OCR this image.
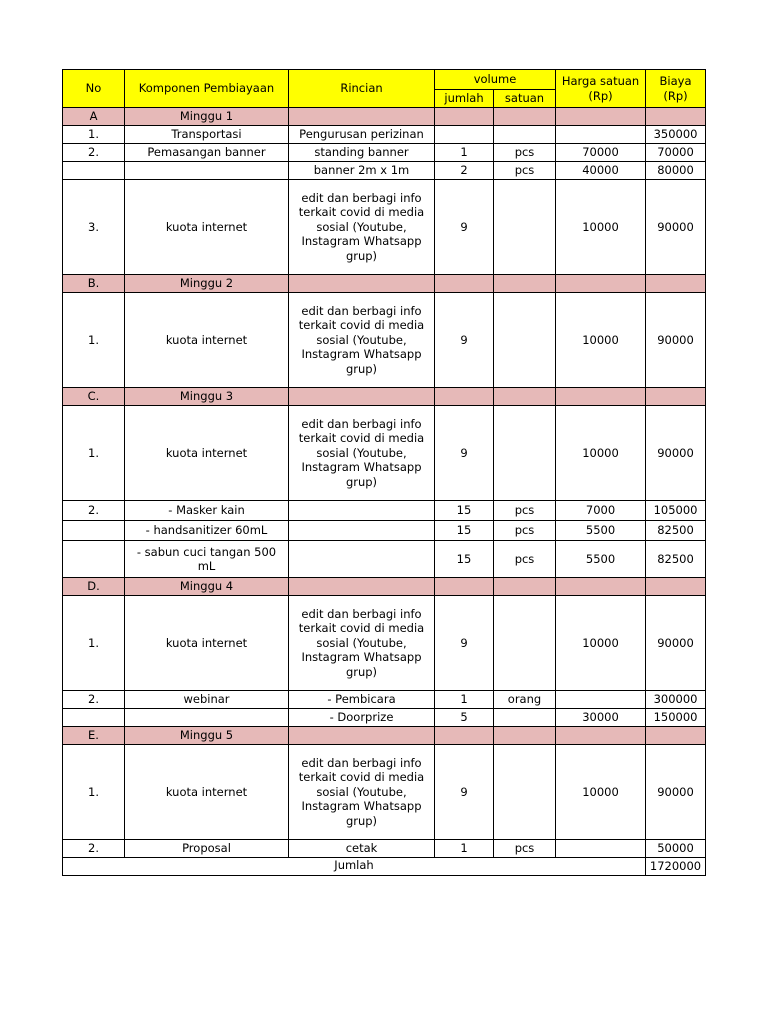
No	Komponen Pembiayaan	Rincian	volume		Harga satuan (Rp)	Biaya (Rp)
			jumlah	satuan		
A	Minggu 1					
1.	Transportasi	Pengurusan perizinan				350000
2.	Pemasangan banner	standing banner	1	pcs	70000	70000
		banner 2m x 1m	2	pcs	40000	80000
3.	kuota internet	edit dan berbagi info terkait covid di media sosial (Youtube, Instagram Whatsapp grup)	9		10000	90000
B.	Minggu 2					
1.	kuota internet	edit dan berbagi info terkait covid di media sosial (Youtube, Instagram Whatsapp grup)	9		10000	90000
C.	Minggu 3					
1.	kuota internet	edit dan berbagi info terkait covid di media sosial (Youtube, Instagram Whatsapp grup)	9		10000	90000
2.	- Masker kain		15	pcs	7000	105000
	- handsanitizer 60mL		15	pcs	5500	82500
	- sabun cuci tangan 500 mL		15	pcs	5500	82500
D.	Minggu 4					
1.	kuota internet	edit dan berbagi info terkait covid di media sosial (Youtube, Instagram Whatsapp grup)	9		10000	90000
2.	webinar	- Pembicara	1	orang		300000
		- Doorprize	5		30000	150000
E.	Minggu 5					
1.	kuota internet	edit dan berbagi info terkait covid di media sosial (Youtube, Instagram Whatsapp grup)	9		10000	90000
2.	Proposal	cetak	1	pcs		50000
Jumlah						1720000
